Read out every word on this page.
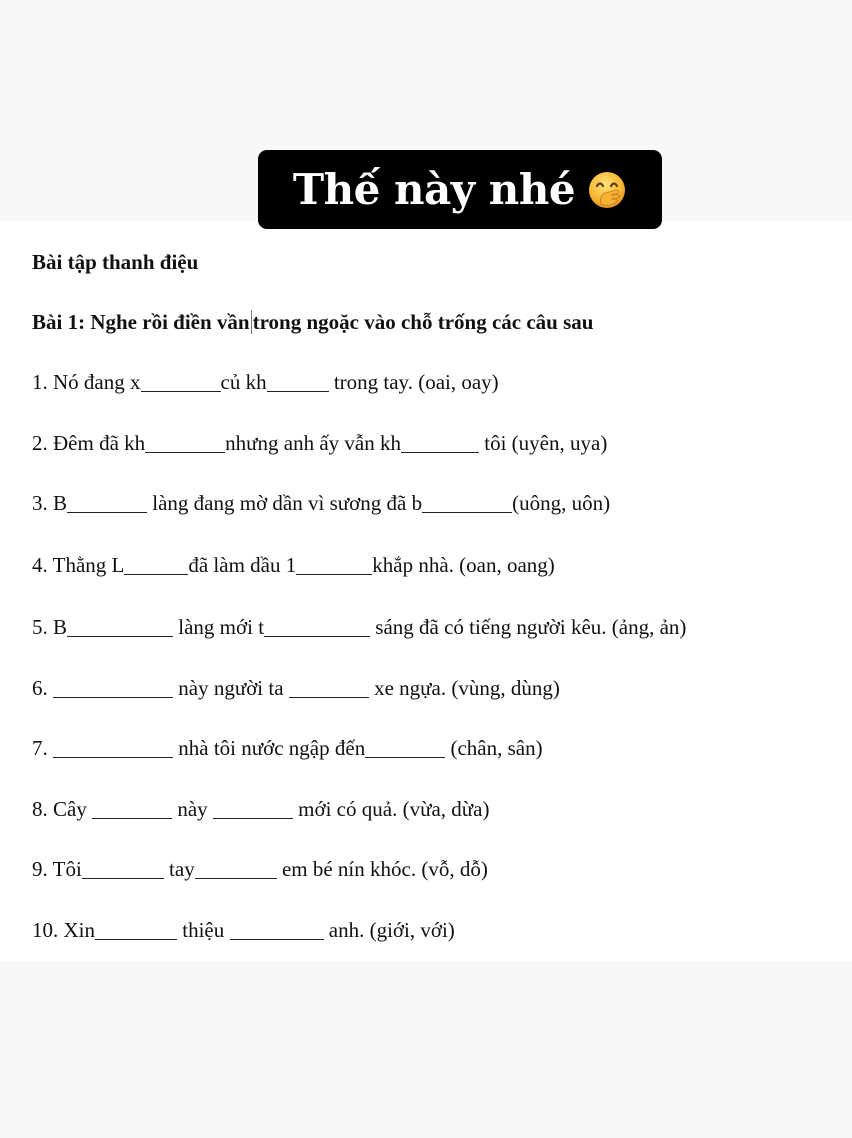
Thế này nhé
Bài tập thanh điệu
Bài 1: Nghe rồi điền vần trong ngoặc vào chỗ trống các câu sau
1. Nó đang x	củ kh	trong tay. (oai, oay)
2. Đêm đã kh	nhưng anh ấy vẫn kh	tôi (uyên, uya)
3. B	làng đang mờ dần vì sương đã b	(uông, uôn)
4. Thằng L	đã làm dầu 1	khắp nhà. (oan, oang)
5. B	làng mới t	sáng đã có tiếng người kêu. (ảng, ản)
6.	này người ta	xe ngựa. (vùng, dùng)
7.	nhà tôi nước ngập đến	(chân, sân)
8. Cây	này	mới có quả. (vừa, dừa)
9. Tôi	tay	em bé nín khóc. (vỗ, dỗ)
10. Xin	thiệu	anh. (giới, với)
